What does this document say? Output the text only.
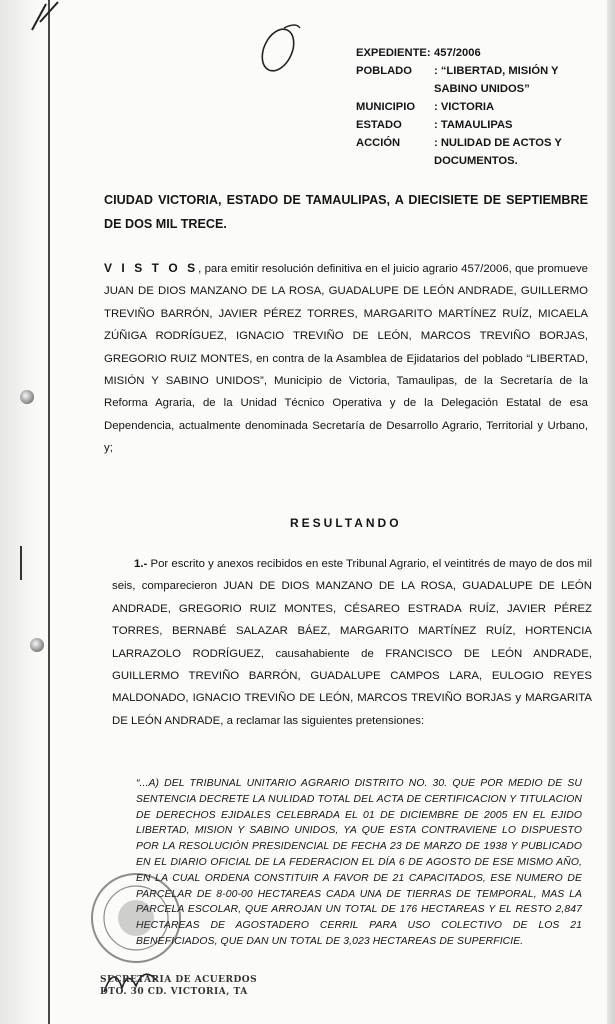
EXPEDIENTE: 457/2006
POBLADO	: “LIBERTAD, MISIÓN Y SABINO UNIDOS”
MUNICIPIO	: VICTORIA
ESTADO	: TAMAULIPAS
ACCIÓN	: NULIDAD DE ACTOS Y DOCUMENTOS.
CIUDAD VICTORIA, ESTADO DE TAMAULIPAS, A DIECISIETE DE SEPTIEMBRE DE DOS MIL TRECE.
V I S T O S, para emitir resolución definitiva en el juicio agrario 457/2006, que promueve JUAN DE DIOS MANZANO DE LA ROSA, GUADALUPE DE LEÓN ANDRADE, GUILLERMO TREVIÑO BARRÓN, JAVIER PÉREZ TORRES, MARGARITO MARTÍNEZ RUÍZ, MICAELA ZÚÑIGA RODRÍGUEZ, IGNACIO TREVIÑO DE LEÓN, MARCOS TREVIÑO BORJAS, GREGORIO RUIZ MONTES, en contra de la Asamblea de Ejidatarios del poblado “LIBERTAD, MISIÓN Y SABINO UNIDOS”, Municipio de Victoria, Tamaulipas, de la Secretaría de la Reforma Agraria, de la Unidad Técnico Operativa y de la Delegación Estatal de esa Dependencia, actualmente denominada Secretaría de Desarrollo Agrario, Territorial y Urbano, y;
RESULTANDO
1.- Por escrito y anexos recibidos en este Tribunal Agrario, el veintitrés de mayo de dos mil seis, comparecieron JUAN DE DIOS MANZANO DE LA ROSA, GUADALUPE DE LEÓN ANDRADE, GREGORIO RUIZ MONTES, CÉSAREO ESTRADA RUÍZ, JAVIER PÉREZ TORRES, BERNABÉ SALAZAR BÁEZ, MARGARITO MARTÍNEZ RUÍZ, HORTENCIA LARRAZOLO RODRÍGUEZ, causahabiente de FRANCISCO DE LEÓN ANDRADE, GUILLERMO TREVIÑO BARRÓN, GUADALUPE CAMPOS LARA, EULOGIO REYES MALDONADO, IGNACIO TREVIÑO DE LEÓN, MARCOS TREVIÑO BORJAS y MARGARITA DE LEÓN ANDRADE, a reclamar las siguientes pretensiones:
“...A) DEL TRIBUNAL UNITARIO AGRARIO DISTRITO NO. 30. QUE POR MEDIO DE SU SENTENCIA DECRETE LA NULIDAD TOTAL DEL ACTA DE CERTIFICACION Y TITULACION DE DERECHOS EJIDALES CELEBRADA EL 01 DE DICIEMBRE DE 2005 EN EL EJIDO LIBERTAD, MISION Y SABINO UNIDOS, YA QUE ESTA CONTRAVIENE LO DISPUESTO POR LA RESOLUCIÓN PRESIDENCIAL DE FECHA 23 DE MARZO DE 1938 Y PUBLICADO EN EL DIARIO OFICIAL DE LA FEDERACION EL DÍA 6 DE AGOSTO DE ESE MISMO AÑO, EN LA CUAL ORDENA CONSTITUIR A FAVOR DE 21 CAPACITADOS, ESE NUMERO DE PARCELAR DE 8-00-00 HECTAREAS CADA UNA DE TIERRAS DE TEMPORAL, MAS LA PARCELA ESCOLAR, QUE ARROJAN UN TOTAL DE 176 HECTAREAS Y EL RESTO 2,847 HECTAREAS DE AGOSTADERO CERRIL PARA USO COLECTIVO DE LOS 21 BENEFICIADOS, QUE DAN UN TOTAL DE 3,023 HECTAREAS DE SUPERFICIE.
SECRETARIA DE ACUERDOS
DTO. 30 CD. VICTORIA, TA
